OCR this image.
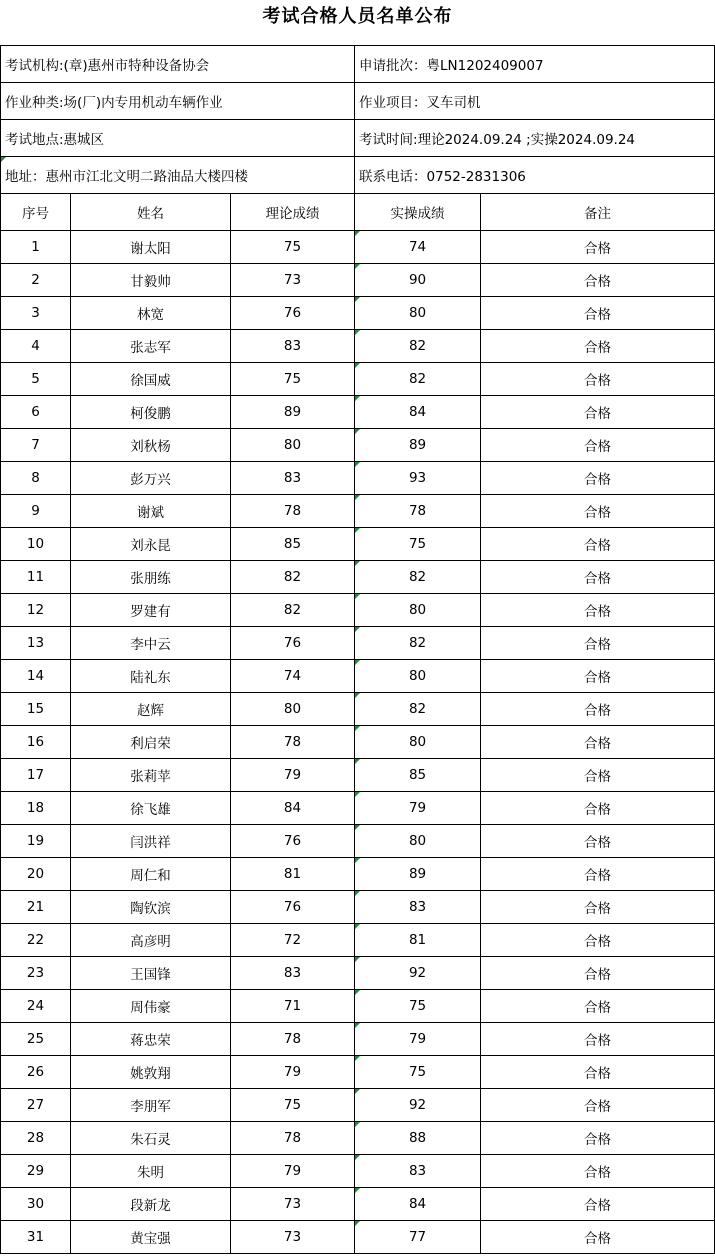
考试合格人员名单公布
考试机构:(章)惠州市特种设备协会			申请批次：粤LN1202409007	
作业种类:场(厂)内专用机动车辆作业			作业项目：叉车司机	
考试地点:惠城区			考试时间:理论2024.09.24 ;实操2024.09.24	
地址：惠州市江北文明二路油品大楼四楼			联系电话：0752-2831306	
序号	姓名	理论成绩	实操成绩	备注
1	谢太阳	75	74	合格
2	甘毅帅	73	90	合格
3	林宽	76	80	合格
4	张志军	83	82	合格
5	徐国威	75	82	合格
6	柯俊鹏	89	84	合格
7	刘秋杨	80	89	合格
8	彭万兴	83	93	合格
9	谢斌	78	78	合格
10	刘永昆	85	75	合格
11	张朋练	82	82	合格
12	罗建有	82	80	合格
13	李中云	76	82	合格
14	陆礼东	74	80	合格
15	赵辉	80	82	合格
16	利启荣	78	80	合格
17	张莉苹	79	85	合格
18	徐飞雄	84	79	合格
19	闫洪祥	76	80	合格
20	周仁和	81	89	合格
21	陶钦滨	76	83	合格
22	高彦明	72	81	合格
23	王国锋	83	92	合格
24	周伟豪	71	75	合格
25	蒋忠荣	78	79	合格
26	姚敦翔	79	75	合格
27	李朋军	75	92	合格
28	朱石灵	78	88	合格
29	朱明	79	83	合格
30	段新龙	73	84	合格
31	黄宝强	73	77	合格
